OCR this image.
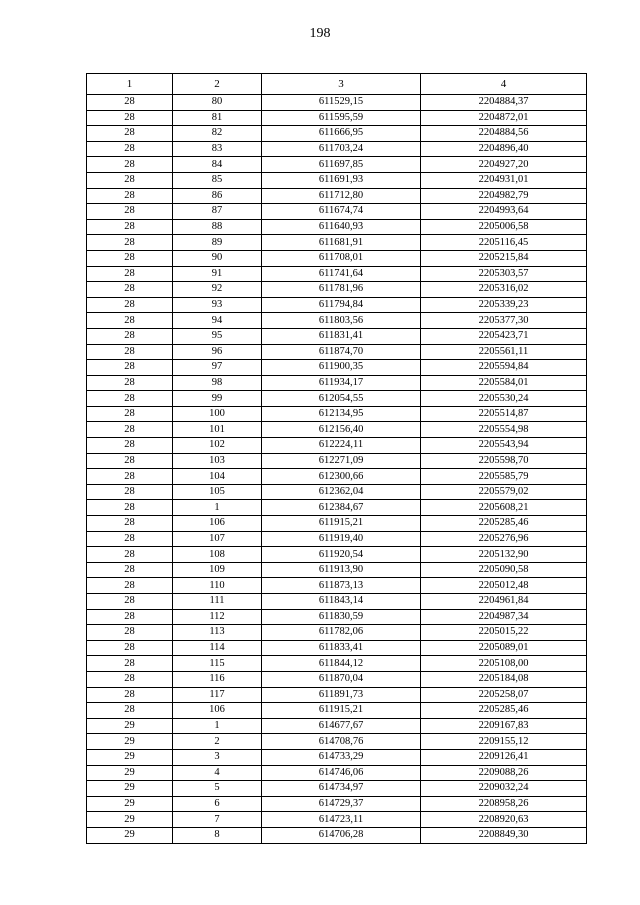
198
1	2	3	4
28	80	611529,15	2204884,37
28	81	611595,59	2204872,01
28	82	611666,95	2204884,56
28	83	611703,24	2204896,40
28	84	611697,85	2204927,20
28	85	611691,93	2204931,01
28	86	611712,80	2204982,79
28	87	611674,74	2204993,64
28	88	611640,93	2205006,58
28	89	611681,91	2205116,45
28	90	611708,01	2205215,84
28	91	611741,64	2205303,57
28	92	611781,96	2205316,02
28	93	611794,84	2205339,23
28	94	611803,56	2205377,30
28	95	611831,41	2205423,71
28	96	611874,70	2205561,11
28	97	611900,35	2205594,84
28	98	611934,17	2205584,01
28	99	612054,55	2205530,24
28	100	612134,95	2205514,87
28	101	612156,40	2205554,98
28	102	612224,11	2205543,94
28	103	612271,09	2205598,70
28	104	612300,66	2205585,79
28	105	612362,04	2205579,02
28	1	612384,67	2205608,21
28	106	611915,21	2205285,46
28	107	611919,40	2205276,96
28	108	611920,54	2205132,90
28	109	611913,90	2205090,58
28	110	611873,13	2205012,48
28	111	611843,14	2204961,84
28	112	611830,59	2204987,34
28	113	611782,06	2205015,22
28	114	611833,41	2205089,01
28	115	611844,12	2205108,00
28	116	611870,04	2205184,08
28	117	611891,73	2205258,07
28	106	611915,21	2205285,46
29	1	614677,67	2209167,83
29	2	614708,76	2209155,12
29	3	614733,29	2209126,41
29	4	614746,06	2209088,26
29	5	614734,97	2209032,24
29	6	614729,37	2208958,26
29	7	614723,11	2208920,63
29	8	614706,28	2208849,30
